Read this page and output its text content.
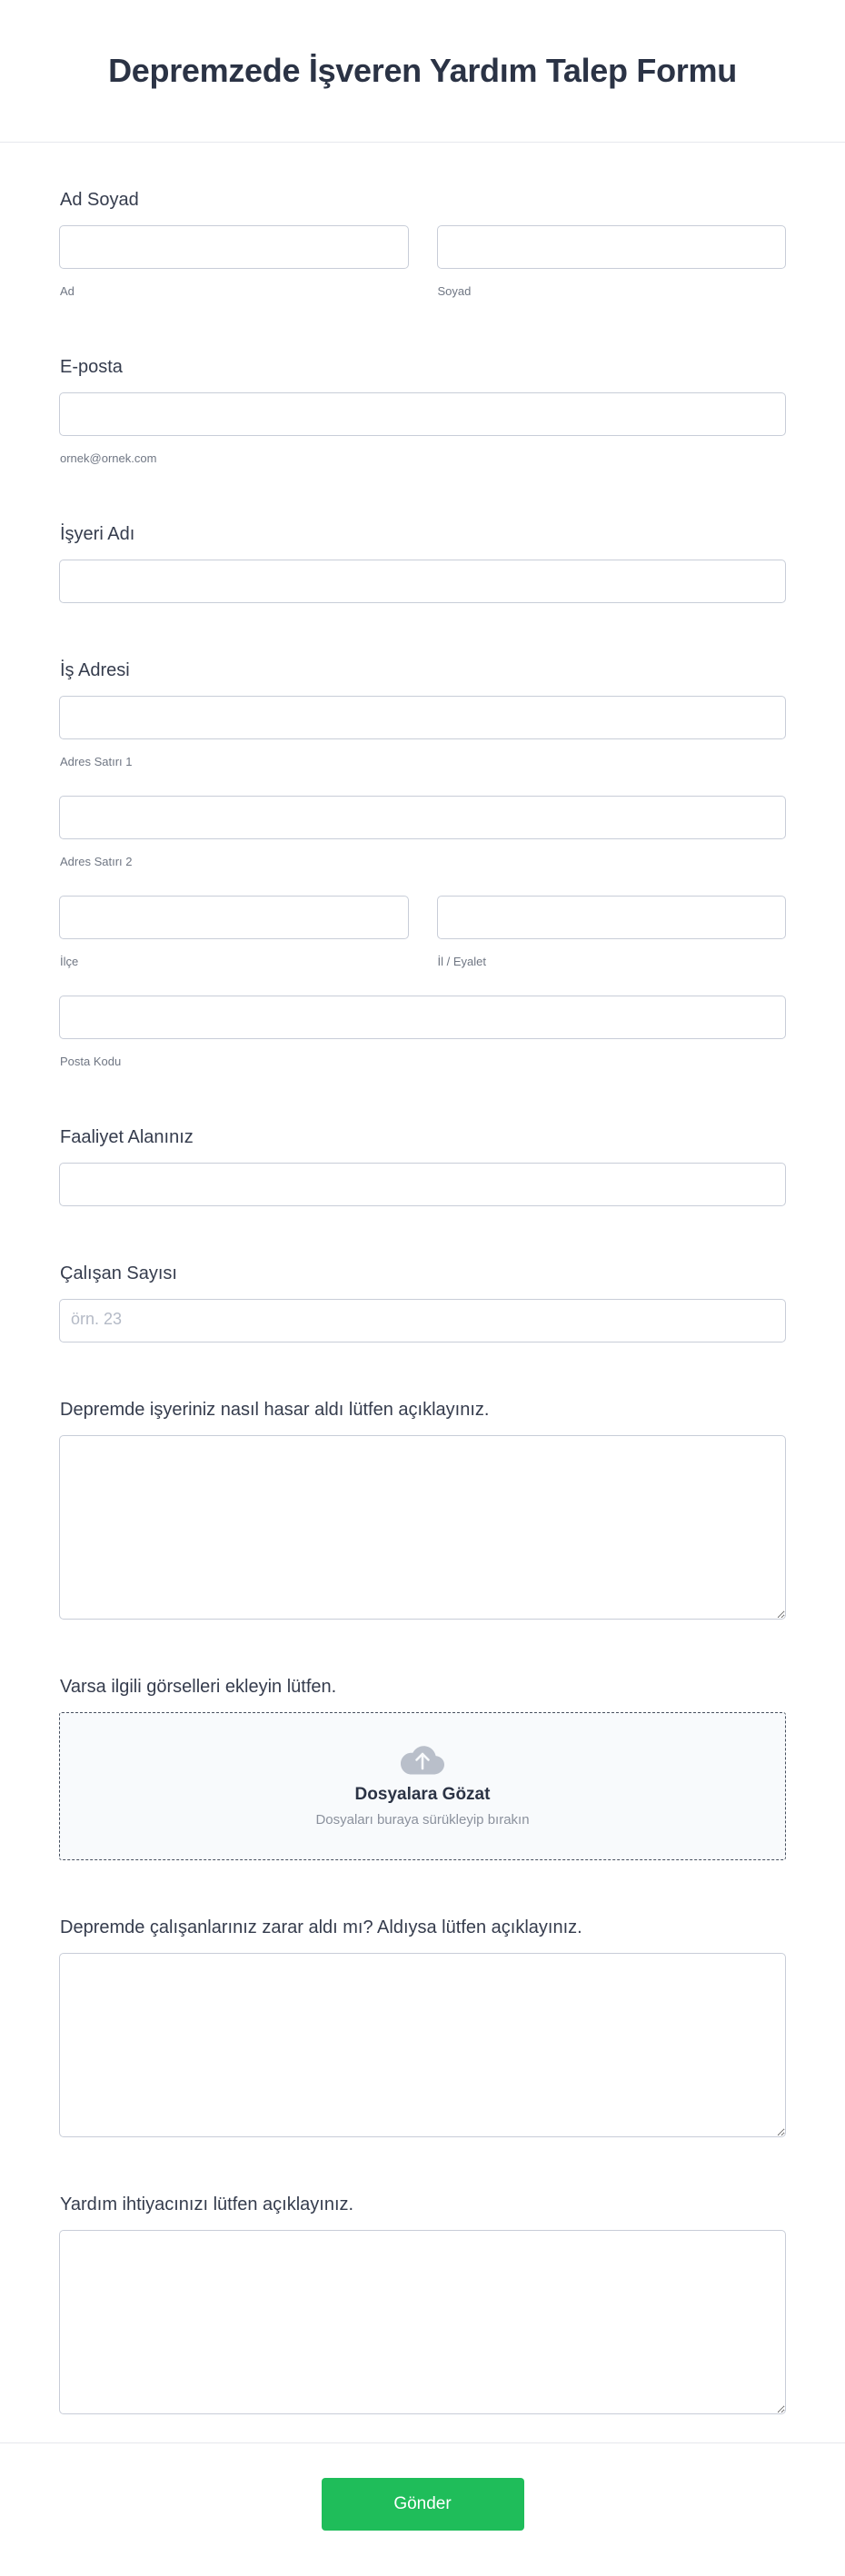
Depremzede İşveren Yardım Talep Formu
Ad Soyad
Ad	Soyad
E-posta
ornek@ornek.com
İşyeri Adı
İş Adresi
Adres Satırı 1
Adres Satırı 2
İlçe	İl / Eyalet
Posta Kodu
Faaliyet Alanınız
Çalışan Sayısı
örn. 23
Depremde işyeriniz nasıl hasar aldı lütfen açıklayınız.
Varsa ilgili görselleri ekleyin lütfen.
Dosyalara Gözat
Dosyaları buraya sürükleyip bırakın
Depremde çalışanlarınız zarar aldı mı? Aldıysa lütfen açıklayınız.
Yardım ihtiyacınızı lütfen açıklayınız.
Gönder
